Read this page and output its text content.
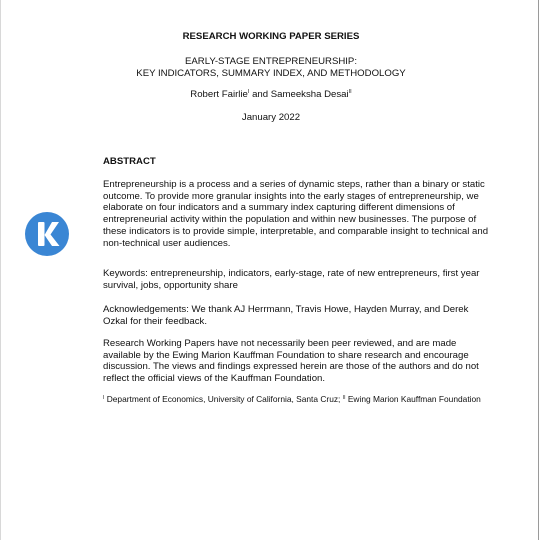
RESEARCH WORKING PAPER SERIES
EARLY-STAGE ENTREPRENEURSHIP:
KEY INDICATORS, SUMMARY INDEX, AND METHODOLOGY
Robert Fairlie$^I$ and Sameeksha Desai$^{II}$
January 2022
ABSTRACT
Entrepreneurship is a process and a series of dynamic steps, rather than a binary or static outcome. To provide more granular insights into the early stages of entrepreneurship, we elaborate on four indicators and a summary index capturing different dimensions of entrepreneurial activity within the population and within new businesses. The purpose of these indicators is to provide simple, interpretable, and comparable insight to technical and non-technical user audiences.
Keywords: entrepreneurship, indicators, early-stage, rate of new entrepreneurs, first year survival, jobs, opportunity share
Acknowledgements: We thank AJ Herrmann, Travis Howe, Hayden Murray, and Derek Ozkal for their feedback.
Research Working Papers have not necessarily been peer reviewed, and are made available by the Ewing Marion Kauffman Foundation to share research and encourage discussion. The views and findings expressed herein are those of the authors and do not reflect the official views of the Kauffman Foundation.
$^I$ Department of Economics, University of California, Santa Cruz; $^{II}$ Ewing Marion Kauffman Foundation
